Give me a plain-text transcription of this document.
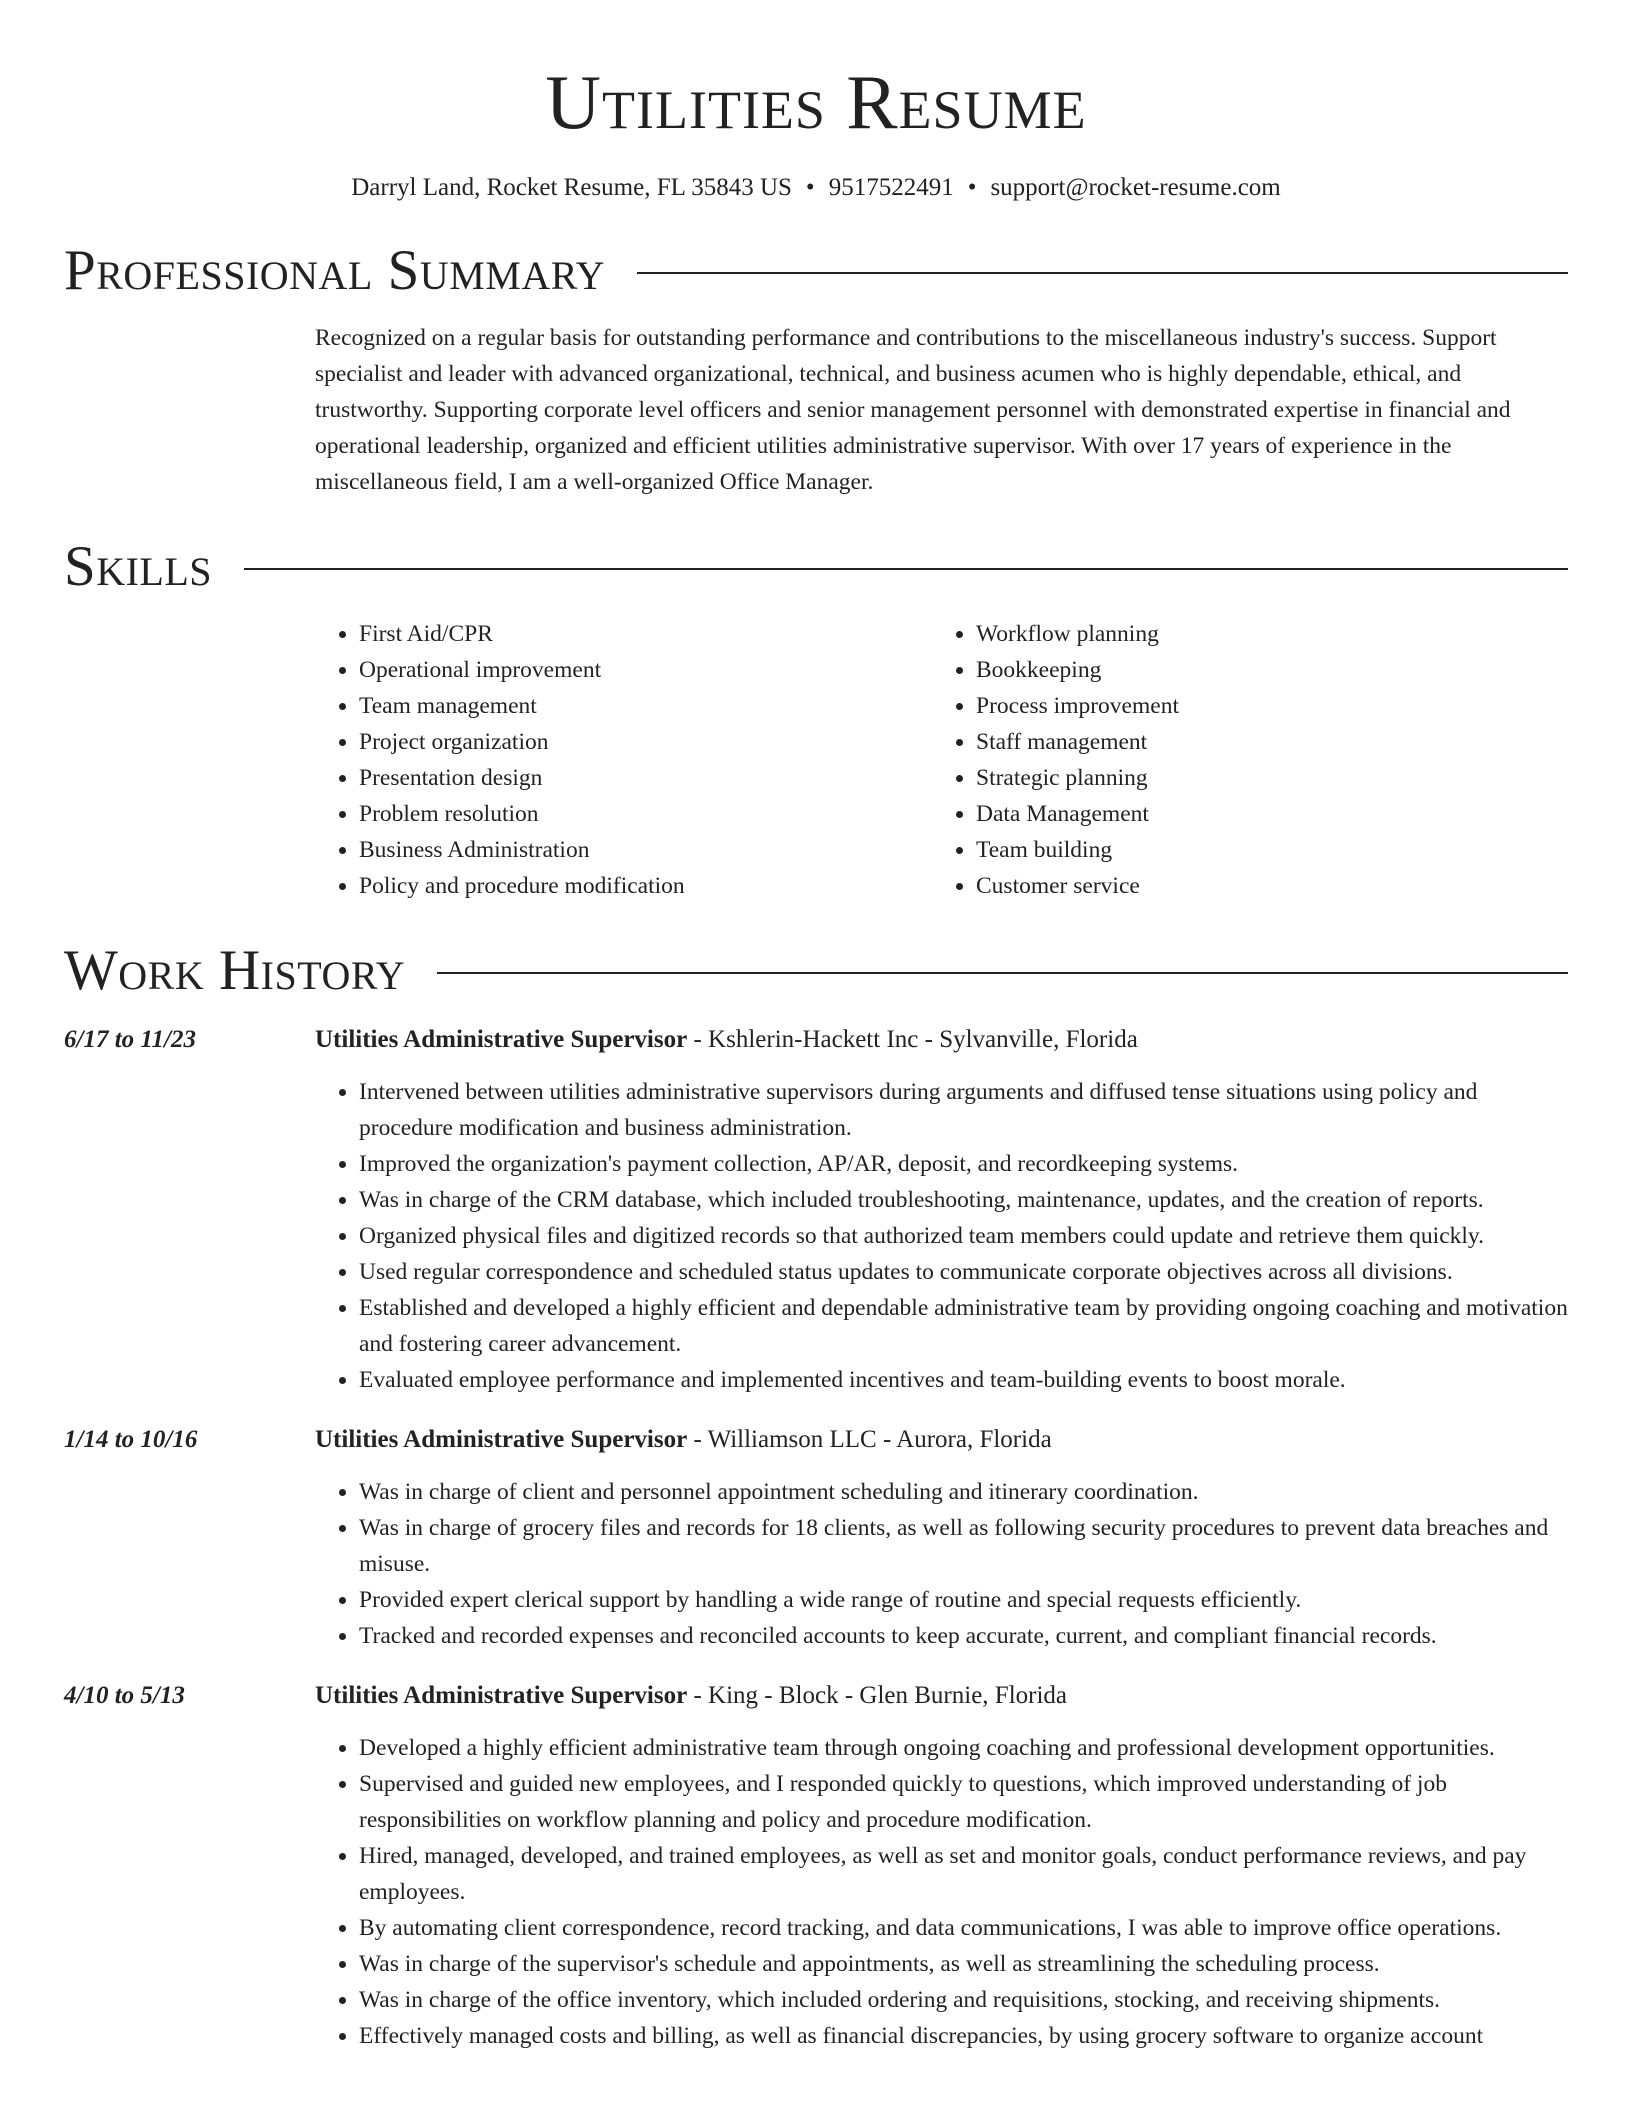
Utilities Resume
Darryl Land, Rocket Resume, FL 35843 US • 9517522491 • support@rocket-resume.com
Professional Summary
Recognized on a regular basis for outstanding performance and contributions to the miscellaneous industry's success. Support specialist and leader with advanced organizational, technical, and business acumen who is highly dependable, ethical, and trustworthy. Supporting corporate level officers and senior management personnel with demonstrated expertise in financial and operational leadership, organized and efficient utilities administrative supervisor. With over 17 years of experience in the miscellaneous field, I am a well-organized Office Manager.
Skills
• First Aid/CPR
• Operational improvement
• Team management
• Project organization
• Presentation design
• Problem resolution
• Business Administration
• Policy and procedure modification
• Workflow planning
• Bookkeeping
• Process improvement
• Staff management
• Strategic planning
• Data Management
• Team building
• Customer service
Work History
6/17 to 11/23	Utilities Administrative Supervisor - Kshlerin-Hackett Inc - Sylvanville, Florida
• Intervened between utilities administrative supervisors during arguments and diffused tense situations using policy and procedure modification and business administration.
• Improved the organization's payment collection, AP/AR, deposit, and recordkeeping systems.
• Was in charge of the CRM database, which included troubleshooting, maintenance, updates, and the creation of reports.
• Organized physical files and digitized records so that authorized team members could update and retrieve them quickly.
• Used regular correspondence and scheduled status updates to communicate corporate objectives across all divisions.
• Established and developed a highly efficient and dependable administrative team by providing ongoing coaching and motivation and fostering career advancement.
• Evaluated employee performance and implemented incentives and team-building events to boost morale.
1/14 to 10/16	Utilities Administrative Supervisor - Williamson LLC - Aurora, Florida
• Was in charge of client and personnel appointment scheduling and itinerary coordination.
• Was in charge of grocery files and records for 18 clients, as well as following security procedures to prevent data breaches and misuse.
• Provided expert clerical support by handling a wide range of routine and special requests efficiently.
• Tracked and recorded expenses and reconciled accounts to keep accurate, current, and compliant financial records.
4/10 to 5/13	Utilities Administrative Supervisor - King - Block - Glen Burnie, Florida
• Developed a highly efficient administrative team through ongoing coaching and professional development opportunities.
• Supervised and guided new employees, and I responded quickly to questions, which improved understanding of job responsibilities on workflow planning and policy and procedure modification.
• Hired, managed, developed, and trained employees, as well as set and monitor goals, conduct performance reviews, and pay employees.
• By automating client correspondence, record tracking, and data communications, I was able to improve office operations.
• Was in charge of the supervisor's schedule and appointments, as well as streamlining the scheduling process.
• Was in charge of the office inventory, which included ordering and requisitions, stocking, and receiving shipments.
• Effectively managed costs and billing, as well as financial discrepancies, by using grocery software to organize account
